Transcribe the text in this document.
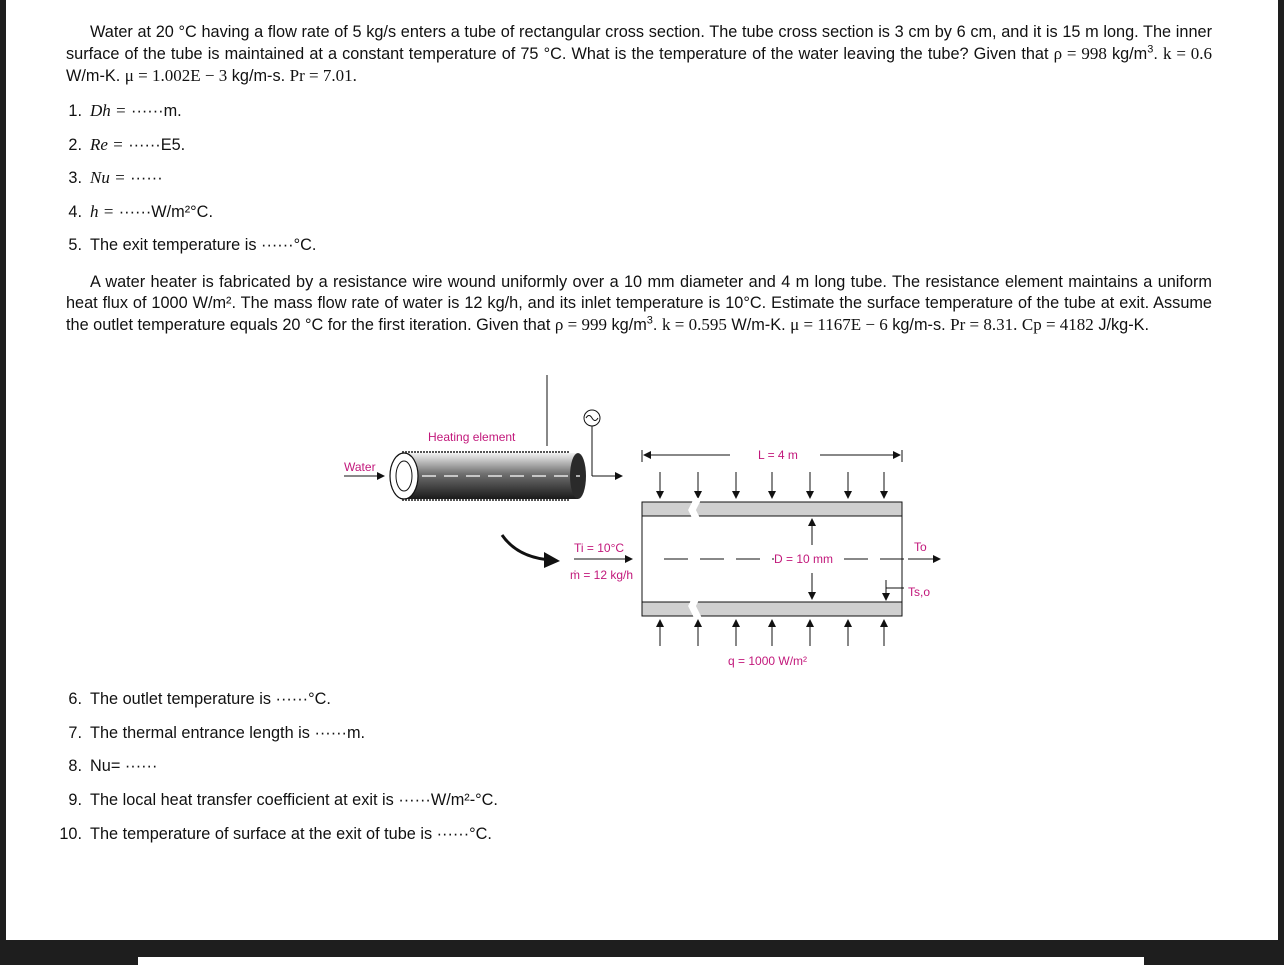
Water at 20 °C having a flow rate of 5 kg/s enters a tube of rectangular cross section. The tube cross section is 3 cm by 6 cm, and it is 15 m long. The inner surface of the tube is maintained at a constant temperature of 75 °C. What is the temperature of the water leaving the tube? Given that ρ = 998 $kg/m^3$. k = 0.6 W/m-K. μ = 1.002E − 3 kg/m-s. Pr = 7.01.
1. Dh = ······m.
2. Re = ······E5.
3. Nu = ······
4. h = ······W/m²°C.
5. The exit temperature is ······°C.
A water heater is fabricated by a resistance wire wound uniformly over a 10 mm diameter and 4 m long tube. The resistance element maintains a uniform heat flux of 1000 W/m². The mass flow rate of water is 12 kg/h, and its inlet temperature is 10°C. Estimate the surface temperature of the tube at exit. Assume the outlet temperature equals 20 °C for the first iteration. Given that ρ = 999 $kg/m^3$. k = 0.595 W/m-K. μ = 1167E − 6 kg/m-s. Pr = 8.31. Cp = 4182 J/kg-K.
Heating element
Water
Ti = 10°C
ṁ = 12 kg/h
L = 4 m
D = 10 mm
To
Ts,o
q = 1000 W/m²
6. The outlet temperature is ······°C.
7. The thermal entrance length is ······m.
8. Nu= ······
9. The local heat transfer coefficient at exit is ······W/m²-°C.
10. The temperature of surface at the exit of tube is ······°C.
